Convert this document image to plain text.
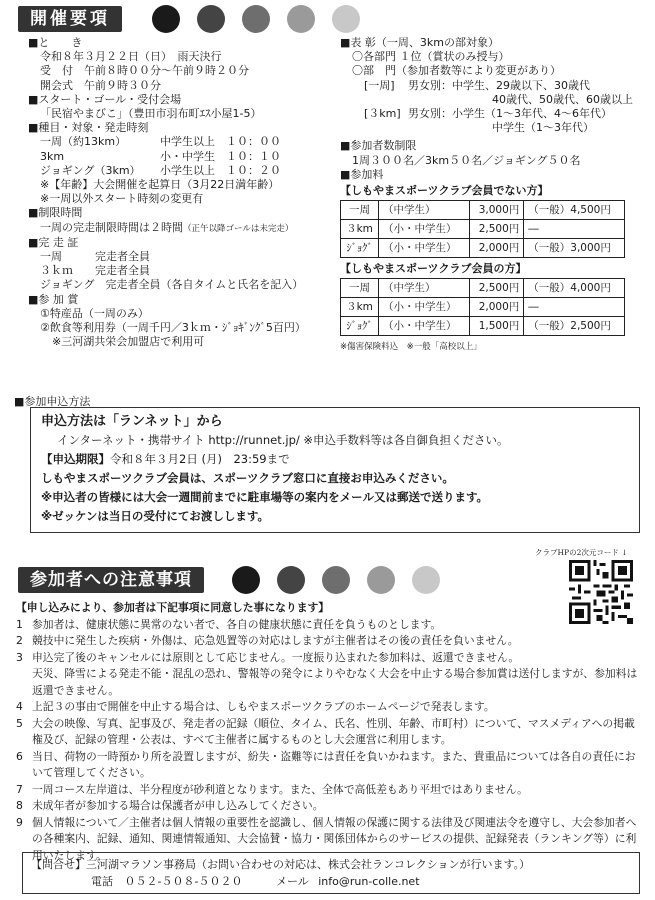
開催要項
■と　　き
令和８年３月２２日（日）　雨天決行
受　付　午前８時００分～午前９時２０分
開会式　午前９時３０分
■スタート・ゴール・受付会場
「民宿やまびこ」（豊田市羽布町ｴｽ小屋1-5）
■種目・対象・発走時刻
一周（約13km）	中学生以上　１０：００
3km	小・中学生　１０：１０
ジョギング（3km） 小学生以上　１０：２０
※【年齢】大会開催を起算日（3月22日満年齢）
※一周以外スタート時刻の変更有
■制限時間
一周の完走制限時間は２時間（正午以降ゴールは未完走）
■完 走 証
一周　　　完走者全員
３ｋｍ　　完走者全員
ジョギング　完走者全員（各自タイムと氏名を記入）
■参 加 賞
①特産品（一周のみ）
②飲食等利用券（一周千円／3ｋｍ・ｼﾞｮｷﾞﾝｸﾞ5百円）
※三河湖共栄会加盟店で利用可
■表 彰（一周、3kmの部対象）
〇各部門 １位（賞状のみ授与）
〇部　門（参加者数等により変更があり）
[一周] 男女別：中学生、29歳以下、30歳代
40歳代、50歳代、60歳以上
[３km] 男女別：小学生（1～3年代、4～6年代）
中学生（1～3年代）
■参加者数制限
1周３００名／3km５０名／ジョギング５０名
■参加料
【しもやまスポーツクラブ会員でない方】
一周	（中学生）	3,000円	（一般）4,500円
３km	（小・中学生）	2,500円	―
ｼﾞｮｸﾞ	（小・中学生）	2,000円	（一般）3,000円
【しもやまスポーツクラブ会員の方】
一周	（中学生）	2,500円	（一般）4,000円
３km	（小・中学生）	2,000円	―
ｼﾞｮｸﾞ	（小・中学生）	1,500円	（一般）2,500円
※傷害保険料込　※一般「高校以上」
■参加申込方法
申込方法は「ランネット」から
インターネット・携帯サイト http://runnet.jp/ ※申込手数料等は各自御負担ください。
【申込期限】令和８年３月2日 (月)　23:59まで
しもやまスポーツクラブ会員は、スポーツクラブ窓口に直接お申込みください。
※申込者の皆様には大会一週間前までに駐車場等の案内をメール又は郵送で送ります。
※ゼッケンは当日の受付にてお渡しします。
クラブHPの2次元コード ↓
参加者への注意事項
【申し込みにより、参加者は下記事項に同意した事になります】
1 参加者は、健康状態に異常のない者で、各自の健康状態に責任を負うものとします。
2 競技中に発生した疾病・外傷は、応急処置等の対応はしますが主催者はその後の責任を負いません。
3 申込完了後のキャンセルには原則として応じません。一度振り込まれた参加料は、返還できません。
天災、降雪による発走不能・混乱の恐れ、警報等の発令によりやむなく大会を中止する場合参加賞は送付しますが、参加料は返還できません。
4 上記３の事由で開催を中止する場合は、しもやまスポーツクラブのホームページで発表します。
5 大会の映像、写真、記事及び、発走者の記録（順位、タイム、氏名、性別、年齢、市町村）について、マスメディアへの掲載権及び、記録の管理・公表は、すべて主催者に属するものとし大会運営に利用します。
6 当日、荷物の一時預かり所を設置しますが、紛失・盗難等には責任を負いかねます。また、貴重品については各自の責任において管理してください。
7 一周コース左岸道は、半分程度が砂利道となります。また、全体で高低差もあり平坦ではありません。
8 未成年者が参加する場合は保護者が申し込みしてください。
9 個人情報について／主催者は個人情報の重要性を認識し、個人情報の保護に関する法律及び関連法令を遵守し、大会参加者への各種案内、記録、通知、関連情報通知、大会協賛・協力・関係団体からのサービスの提供、記録発表（ランキング等）に利用いたします。
【問合せ】三河湖マラソン事務局（お問い合わせの対応は、株式会社ランコレクションが行います。）
電話 ０５２-５０８-５０２０	メール info@run-colle.net
